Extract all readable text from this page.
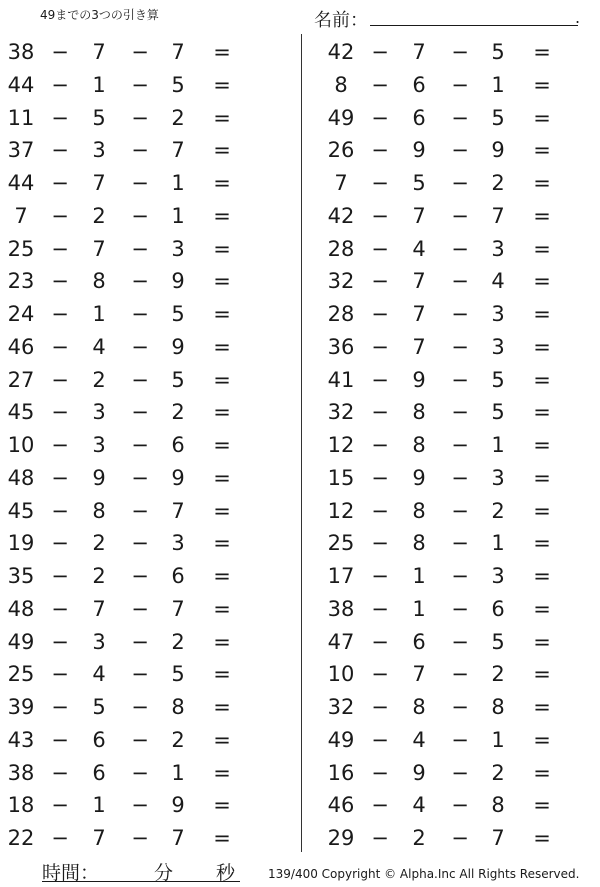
49までの3つの引き算	名前：	.
38 −	7	−	7	=
44 −	1	−	5	=
11 −	5	−	2	=
37 −	3	−	7	=
44 −	7	−	1	=
7	−	2	−	1	=
25 −	7	−	3	=
23 −	8	−	9	=
24 −	1	−	5	=
46 −	4	−	9	=
27 −	2	−	5	=
45 −	3	−	2	=
10 −	3	−	6	=
48 −	9	−	9	=
45 −	8	−	7	=
19 −	2	−	3	=
35 −	2	−	6	=
48 −	7	−	7	=
49 −	3	−	2	=
25 −	4	−	5	=
39 −	5	−	8	=
43 −	6	−	2	=
38 −	6	−	1	=
18 −	1	−	9	=
22 −	7	−	7	=
42 −	7	−	5	=
8	−	6	−	1	=
49 −	6	−	5	=
26 −	9	−	9	=
7	−	5	−	2	=
42 −	7	−	7	=
28 −	4	−	3	=
32 −	7	−	4	=
28 −	7	−	3	=
36 −	7	−	3	=
41 −	9	−	5	=
32 −	8	−	5	=
12 −	8	−	1	=
15 −	9	−	3	=
12 −	8	−	2	=
25 −	8	−	1	=
17 −	1	−	3	=
38 −	1	−	6	=
47 −	6	−	5	=
10 −	7	−	2	=
32 −	8	−	8	=
49 −	4	−	1	=
16 −	9	−	2	=
46 −	4	−	8	=
29 −	2	−	7	=
時間：	分 秒	139/400 Copyright © Alpha.Inc All Rights Reserved.
